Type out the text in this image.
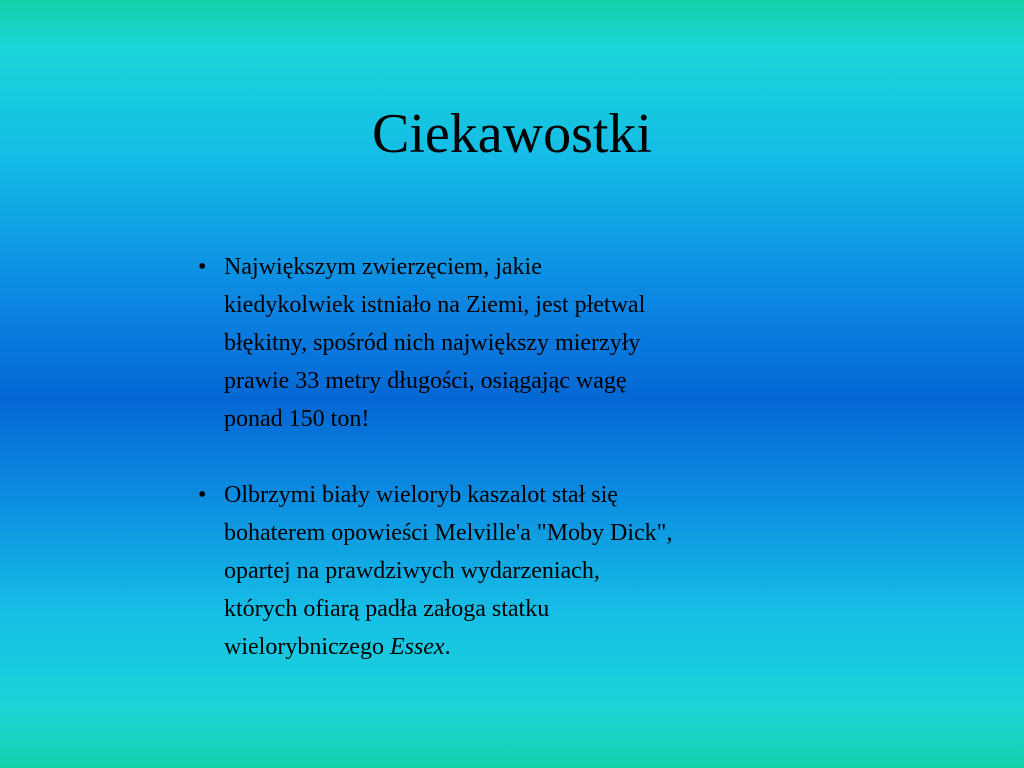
Ciekawostki
• Największym zwierzęciem, jakie
kiedykolwiek istniało na Ziemi, jest płetwal
błękitny, spośród nich największy mierzyły
prawie 33 metry długości, osiągając wagę
ponad 150 ton!
• Olbrzymi biały wieloryb kaszalot stał się
bohaterem opowieści Melville'a "Moby Dick",
opartej na prawdziwych wydarzeniach,
których ofiarą padła załoga statku
wielorybniczego Essex.
